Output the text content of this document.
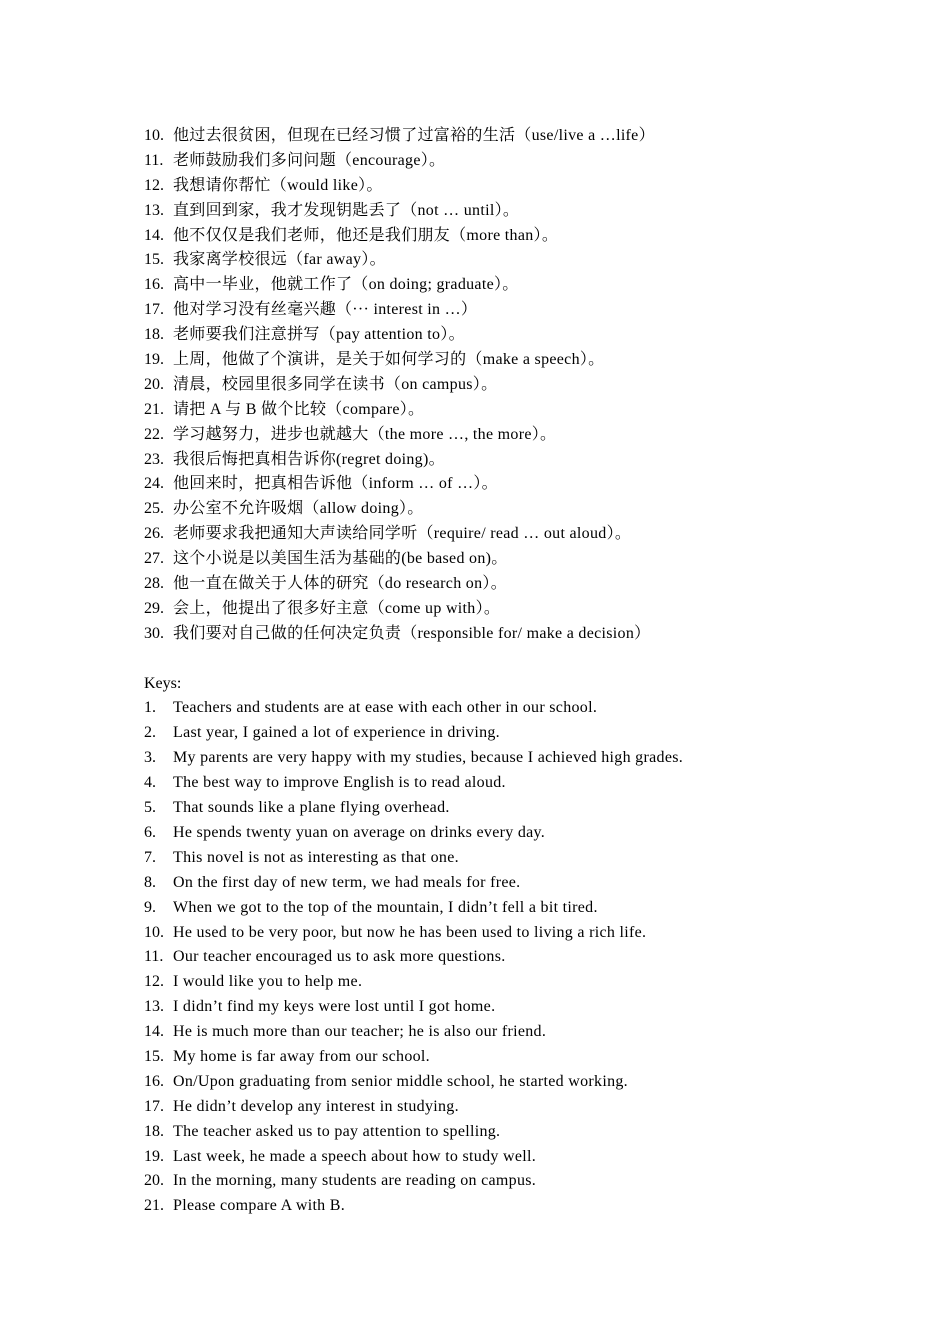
10. 他过去很贫困，但现在已经习惯了过富裕的生活（use/live a …life）
11. 老师鼓励我们多问问题（encourage）。
12. 我想请你帮忙（would like）。
13. 直到回到家，我才发现钥匙丢了（not … until）。
14. 他不仅仅是我们老师，他还是我们朋友（more than）。
15. 我家离学校很远（far away）。
16. 高中一毕业，他就工作了（on doing; graduate）。
17. 他对学习没有丝毫兴趣（··· interest in …）
18. 老师要我们注意拼写（pay attention to）。
19. 上周，他做了个演讲，是关于如何学习的（make a speech）。
20. 清晨，校园里很多同学在读书（on campus）。
21. 请把 A 与 B 做个比较（compare）。
22. 学习越努力，进步也就越大（the more …, the more）。
23. 我很后悔把真相告诉你(regret doing)。
24. 他回来时，把真相告诉他（inform … of …）。
25. 办公室不允许吸烟（allow doing）。
26. 老师要求我把通知大声读给同学听（require/ read … out aloud）。
27. 这个小说是以美国生活为基础的(be based on)。
28. 他一直在做关于人体的研究（do research on）。
29. 会上，他提出了很多好主意（come up with）。
30. 我们要对自己做的任何决定负责（responsible for/ make a decision）
Keys:
1.	Teachers and students are at ease with each other in our school.
2.	Last year, I gained a lot of experience in driving.
3.	My parents are very happy with my studies, because I achieved high grades.
4.	The best way to improve English is to read aloud.
5.	That sounds like a plane flying overhead.
6.	He spends twenty yuan on average on drinks every day.
7.	This novel is not as interesting as that one.
8.	On the first day of new term, we had meals for free.
9.	When we got to the top of the mountain, I didn’t fell a bit tired.
10. He used to be very poor, but now he has been used to living a rich life.
11. Our teacher encouraged us to ask more questions.
12. I would like you to help me.
13. I didn’t find my keys were lost until I got home.
14. He is much more than our teacher; he is also our friend.
15. My home is far away from our school.
16. On/Upon graduating from senior middle school, he started working.
17. He didn’t develop any interest in studying.
18. The teacher asked us to pay attention to spelling.
19. Last week, he made a speech about how to study well.
20. In the morning, many students are reading on campus.
21. Please compare A with B.
